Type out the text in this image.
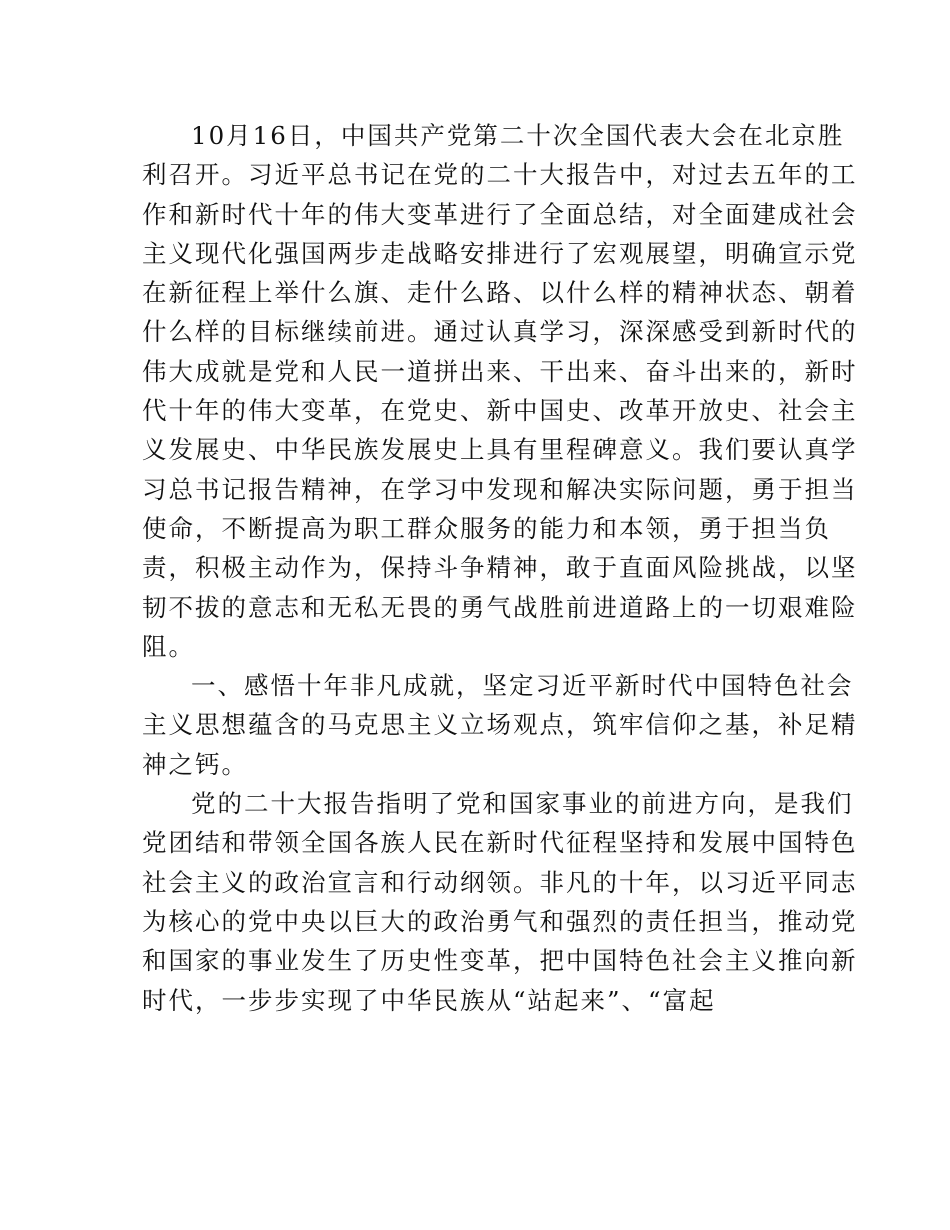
10月16日，中国共产党第二十次全国代表大会在北京胜
利召开。习近平总书记在党的二十大报告中，对过去五年的工
作和新时代十年的伟大变革进行了全面总结，对全面建成社会
主义现代化强国两步走战略安排进行了宏观展望，明确宣示党
在新征程上举什么旗、走什么路、以什么样的精神状态、朝着
什么样的目标继续前进。通过认真学习，深深感受到新时代的
伟大成就是党和人民一道拼出来、干出来、奋斗出来的，新时
代十年的伟大变革，在党史、新中国史、改革开放史、社会主
义发展史、中华民族发展史上具有里程碑意义。我们要认真学
习总书记报告精神，在学习中发现和解决实际问题，勇于担当
使命，不断提高为职工群众服务的能力和本领，勇于担当负
责，积极主动作为，保持斗争精神，敢于直面风险挑战，以坚
韧不拔的意志和无私无畏的勇气战胜前进道路上的一切艰难险
阻。
一、感悟十年非凡成就，坚定习近平新时代中国特色社会
主义思想蕴含的马克思主义立场观点，筑牢信仰之基，补足精
神之钙。
党的二十大报告指明了党和国家事业的前进方向，是我们
党团结和带领全国各族人民在新时代征程坚持和发展中国特色
社会主义的政治宣言和行动纲领。非凡的十年，以习近平同志
为核心的党中央以巨大的政治勇气和强烈的责任担当，推动党
和国家的事业发生了历史性变革，把中国特色社会主义推向新
时代，一步步实现了中华民族从“站起来”、“富起
